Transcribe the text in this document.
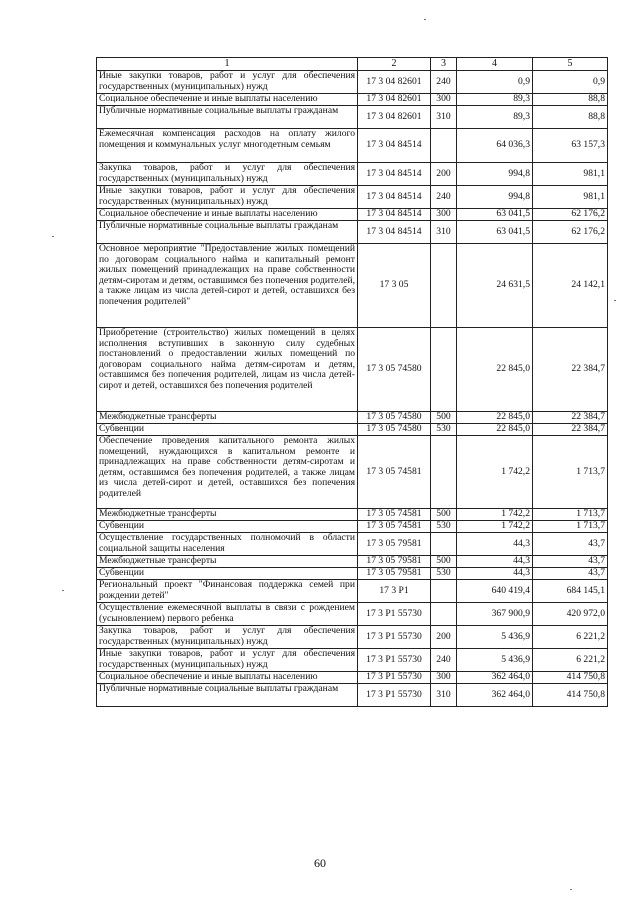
1	2	3	4	5
Иные закупки товаров, работ и услуг для обеспечения государственных (муниципальных) нужд	17 3 04 82601	240	0,9	0,9
Социальное обеспечение и иные выплаты населению	17 3 04 82601	300	89,3	88,8
Публичные нормативные социальные выплаты гражданам	17 3 04 82601	310	89,3	88,8
Ежемесячная компенсация расходов на оплату жилого помещения и коммунальных услуг многодетным семьям	17 3 04 84514		64 036,3	63 157,3
Закупка товаров, работ и услуг для обеспечения государственных (муниципальных) нужд	17 3 04 84514	200	994,8	981,1
Иные закупки товаров, работ и услуг для обеспечения государственных (муниципальных) нужд	17 3 04 84514	240	994,8	981,1
Социальное обеспечение и иные выплаты населению	17 3 04 84514	300	63 041,5	62 176,2
Публичные нормативные социальные выплаты гражданам	17 3 04 84514	310	63 041,5	62 176,2
Основное мероприятие "Предоставление жилых помещений по договорам социального найма и капитальный ремонт жилых помещений принадлежащих на праве собственности детям-сиротам и детям, оставшимся без попечения родителей, а также лицам из числа детей-сирот и детей, оставшихся без попечения родителей"	17 3 05		24 631,5	24 142,1
Приобретение (строительство) жилых помещений в целях исполнения вступивших в законную силу судебных постановлений о предоставлении жилых помещений по договорам социального найма детям-сиротам и детям, оставшимся без попечения родителей, лицам из числа детей-сирот и детей, оставшихся без попечения родителей	17 3 05 74580		22 845,0	22 384,7
Межбюджетные трансферты	17 3 05 74580	500	22 845,0	22 384,7
Субвенции	17 3 05 74580	530	22 845,0	22 384,7
Обеспечение проведения капитального ремонта жилых помещений, нуждающихся в капитальном ремонте и принадлежащих на праве собственности детям-сиротам и детям, оставшимся без попечения родителей, а также лицам из числа детей-сирот и детей, оставшихся без попечения родителей	17 3 05 74581		1 742,2	1 713,7
Межбюджетные трансферты	17 3 05 74581	500	1 742,2	1 713,7
Субвенции	17 3 05 74581	530	1 742,2	1 713,7
Осуществление государственных полномочий в области социальной защиты населения	17 3 05 79581		44,3	43,7
Межбюджетные трансферты	17 3 05 79581	500	44,3	43,7
Субвенции	17 3 05 79581	530	44,3	43,7
Региональный проект "Финансовая поддержка семей при рождении детей"	17 3 P1		640 419,4	684 145,1
Осуществление ежемесячной выплаты в связи с рождением (усыновлением) первого ребенка	17 3 P1 55730		367 900,9	420 972,0
Закупка товаров, работ и услуг для обеспечения государственных (муниципальных) нужд	17 3 P1 55730	200	5 436,9	6 221,2
Иные закупки товаров, работ и услуг для обеспечения государственных (муниципальных) нужд	17 3 P1 55730	240	5 436,9	6 221,2
Социальное обеспечение и иные выплаты населению	17 3 P1 55730	300	362 464,0	414 750,8
Публичные нормативные социальные выплаты гражданам	17 3 P1 55730	310	362 464,0	414 750,8
60
